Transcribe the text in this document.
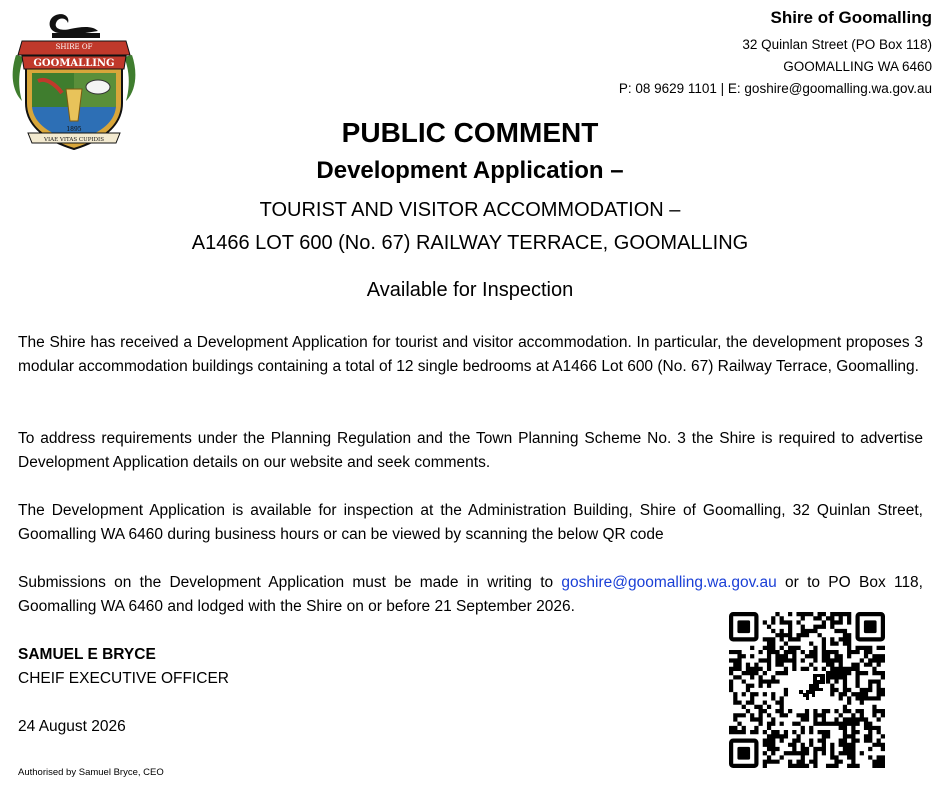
SHIRE OF
GOOMALLING
1895
VIAE VITAS CUPIDIS
Shire of Goomalling
32 Quinlan Street (PO Box 118)
GOOMALLING WA 6460
P: 08 9629 1101 | E: goshire@goomalling.wa.gov.au
PUBLIC COMMENT
Development Application –
TOURIST AND VISITOR ACCOMMODATION –
A1466 LOT 600 (No. 67) RAILWAY TERRACE, GOOMALLING
Available for Inspection

The Shire has received a Development Application for tourist and visitor accommodation. In particular, the development proposes 3 modular accommodation buildings containing a total of 12 single bedrooms at A1466 Lot 600 (No. 67) Railway Terrace, Goomalling.

To address requirements under the Planning Regulation and the Town Planning Scheme No. 3 the Shire is required to advertise Development Application details on our website and seek comments.

The Development Application is available for inspection at the Administration Building, Shire of Goomalling, 32 Quinlan Street, Goomalling WA 6460 during business hours or can be viewed by scanning the below QR code

Submissions on the Development Application must be made in writing to goshire@goomalling.wa.gov.au or to PO Box 118, Goomalling WA 6460 and lodged with the Shire on or before 21 September 2026.

SAMUEL E BRYCE
CHEIF EXECUTIVE OFFICER
24 August 2026
Authorised by Samuel Bryce, CEO
